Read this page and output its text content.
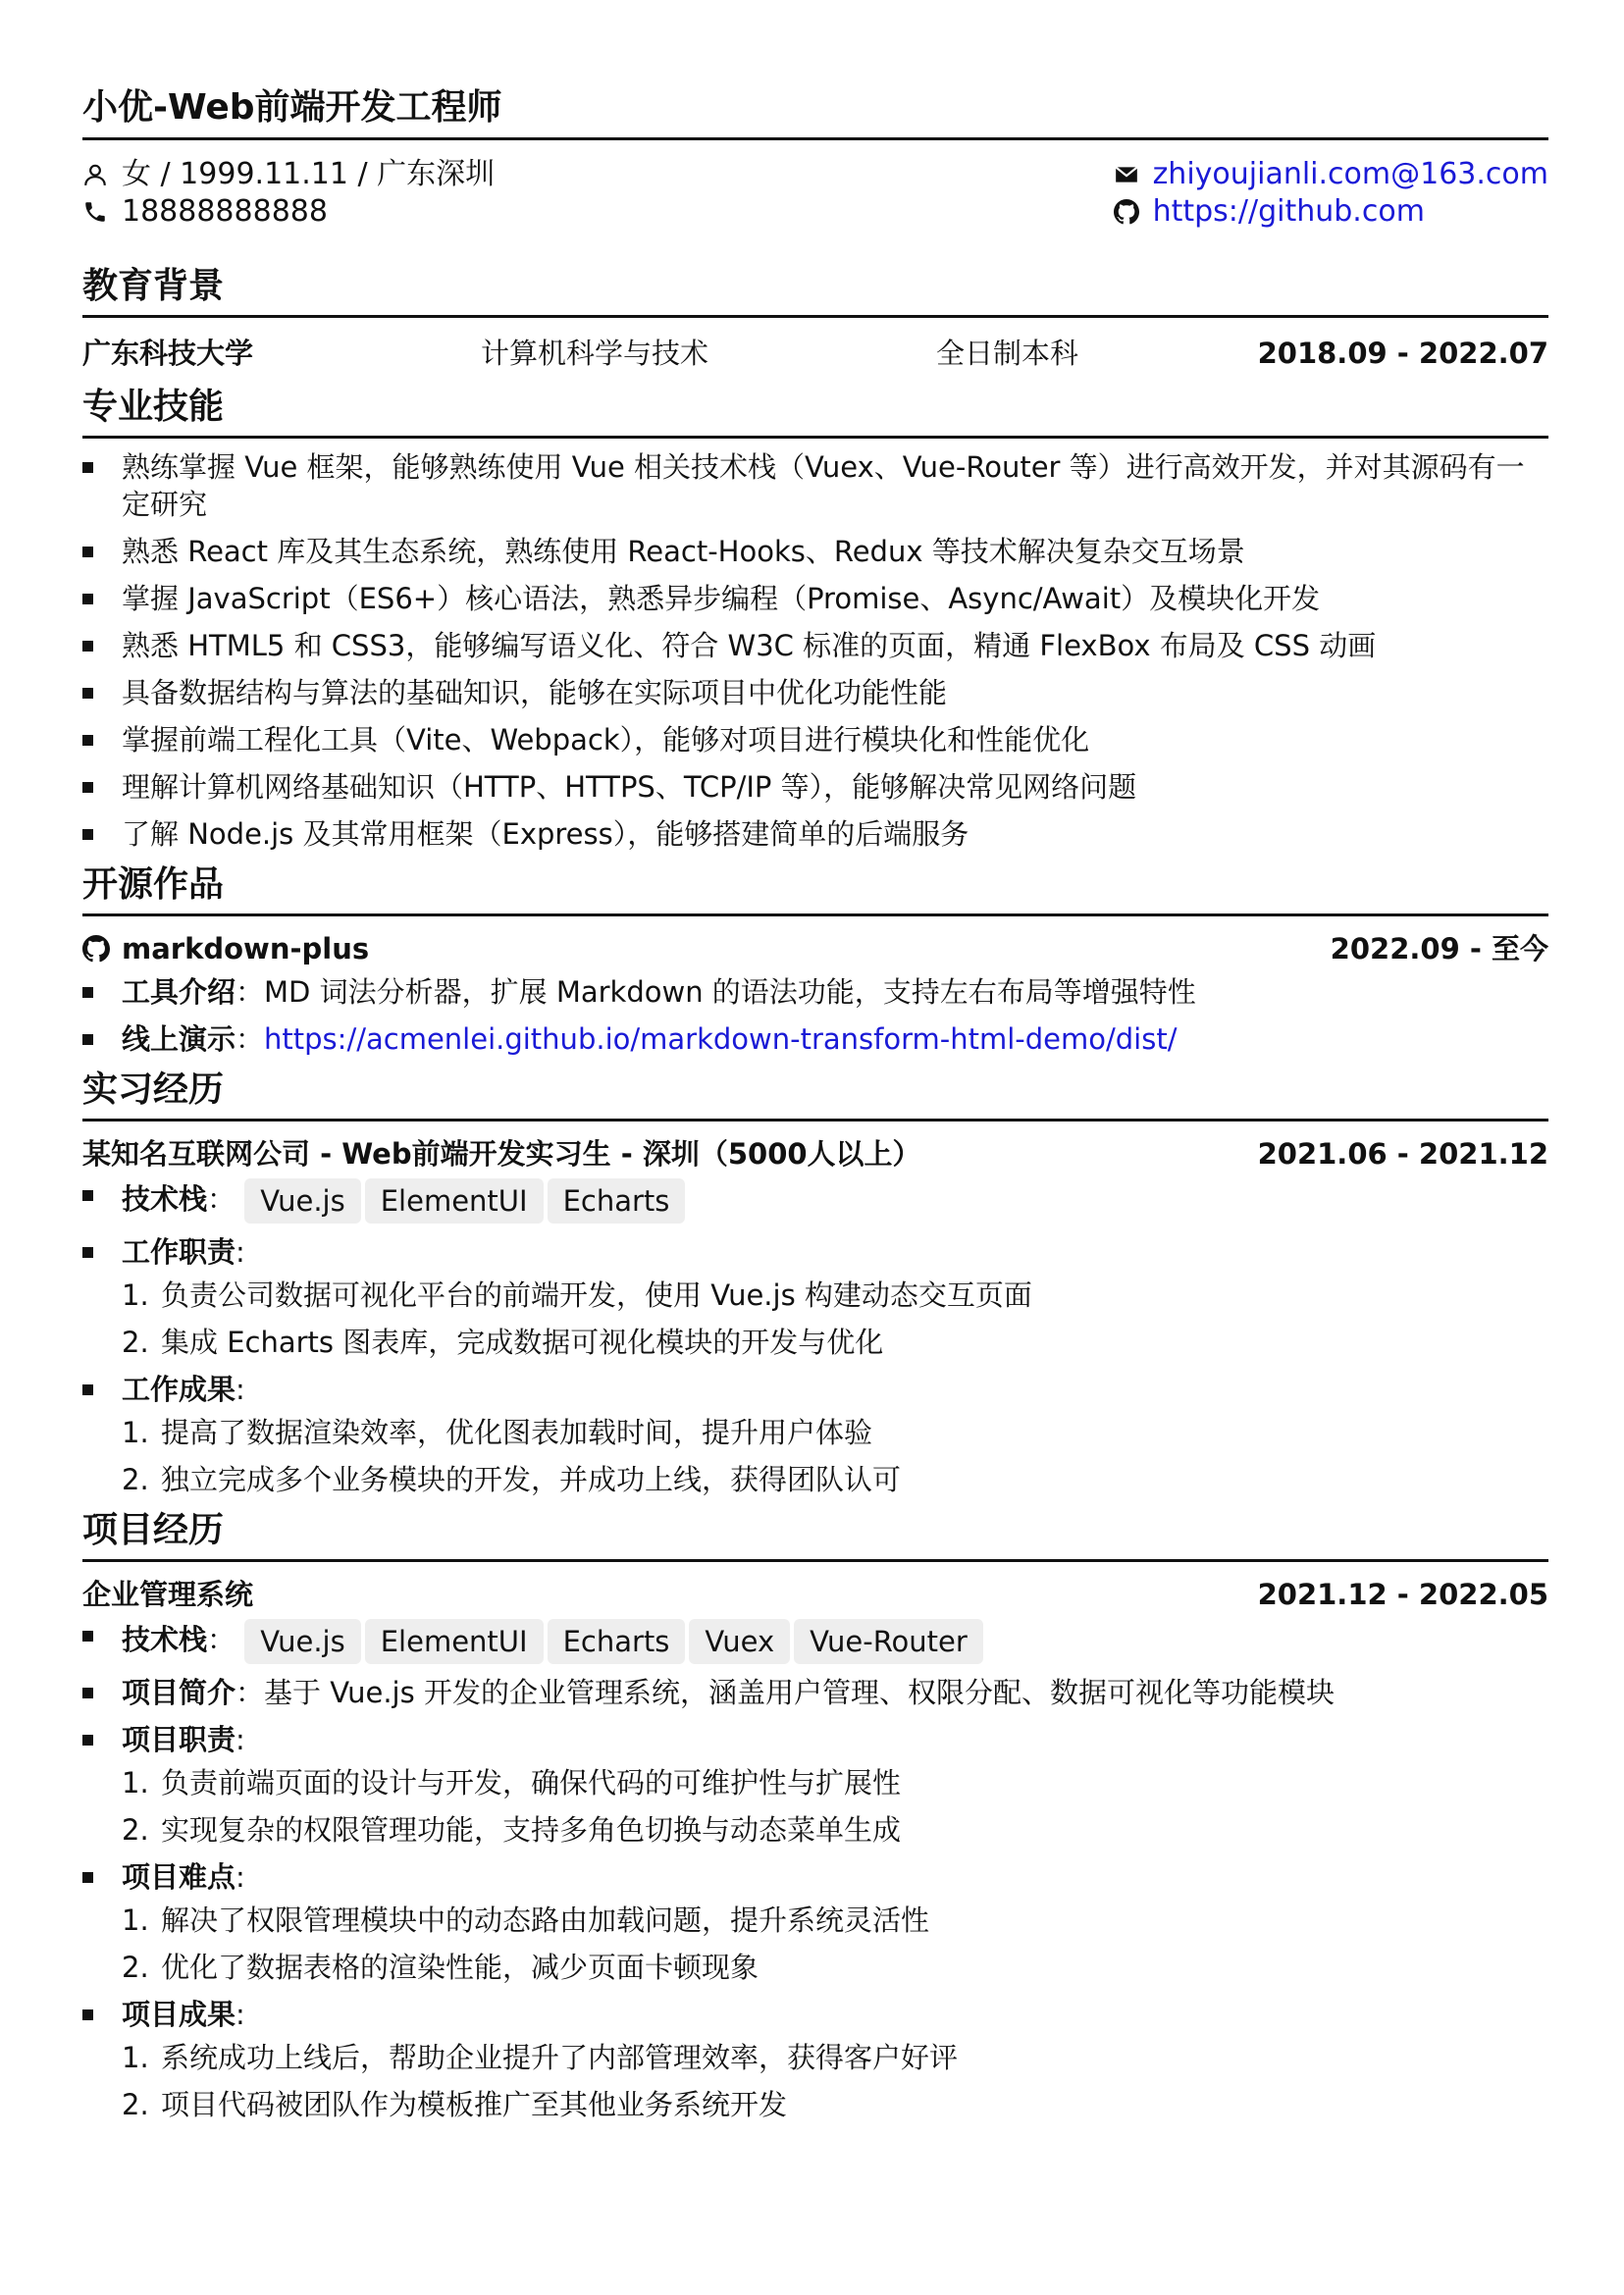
小优-Web前端开发工程师
女 / 1999.11.11 / 广东深圳
18888888888
zhiyoujianli.com@163.com
https://github.com
教育背景
广东科技大学	计算机科学与技术	全日制本科	2018.09 - 2022.07
专业技能
熟练掌握 Vue 框架，能够熟练使用 Vue 相关技术栈（Vuex、Vue-Router 等）进行高效开发，并对其源码有一定研究
熟悉 React 库及其生态系统，熟练使用 React-Hooks、Redux 等技术解决复杂交互场景
掌握 JavaScript（ES6+）核心语法，熟悉异步编程（Promise、Async/Await）及模块化开发
熟悉 HTML5 和 CSS3，能够编写语义化、符合 W3C 标准的页面，精通 FlexBox 布局及 CSS 动画
具备数据结构与算法的基础知识，能够在实际项目中优化功能性能
掌握前端工程化工具（Vite、Webpack），能够对项目进行模块化和性能优化
理解计算机网络基础知识（HTTP、HTTPS、TCP/IP 等），能够解决常见网络问题
了解 Node.js 及其常用框架（Express），能够搭建简单的后端服务
开源作品
markdown-plus	2022.09 - 至今
工具介绍：MD 词法分析器，扩展 Markdown 的语法功能，支持左右布局等增强特性
线上演示：https://acmenlei.github.io/markdown-transform-html-demo/dist/
实习经历
某知名互联网公司 - Web前端开发实习生 - 深圳（5000人以上）	2021.06 - 2021.12
技术栈： Vue.js ElementUI Echarts
工作职责:
1. 负责公司数据可视化平台的前端开发，使用 Vue.js 构建动态交互页面
2. 集成 Echarts 图表库，完成数据可视化模块的开发与优化
工作成果:
1. 提高了数据渲染效率，优化图表加载时间，提升用户体验
2. 独立完成多个业务模块的开发，并成功上线，获得团队认可
项目经历
企业管理系统	2021.12 - 2022.05
技术栈： Vue.js ElementUI Echarts Vuex Vue-Router
项目简介：基于 Vue.js 开发的企业管理系统，涵盖用户管理、权限分配、数据可视化等功能模块
项目职责:
1. 负责前端页面的设计与开发，确保代码的可维护性与扩展性
2. 实现复杂的权限管理功能，支持多角色切换与动态菜单生成
项目难点:
1. 解决了权限管理模块中的动态路由加载问题，提升系统灵活性
2. 优化了数据表格的渲染性能，减少页面卡顿现象
项目成果:
1. 系统成功上线后，帮助企业提升了内部管理效率，获得客户好评
2. 项目代码被团队作为模板推广至其他业务系统开发
